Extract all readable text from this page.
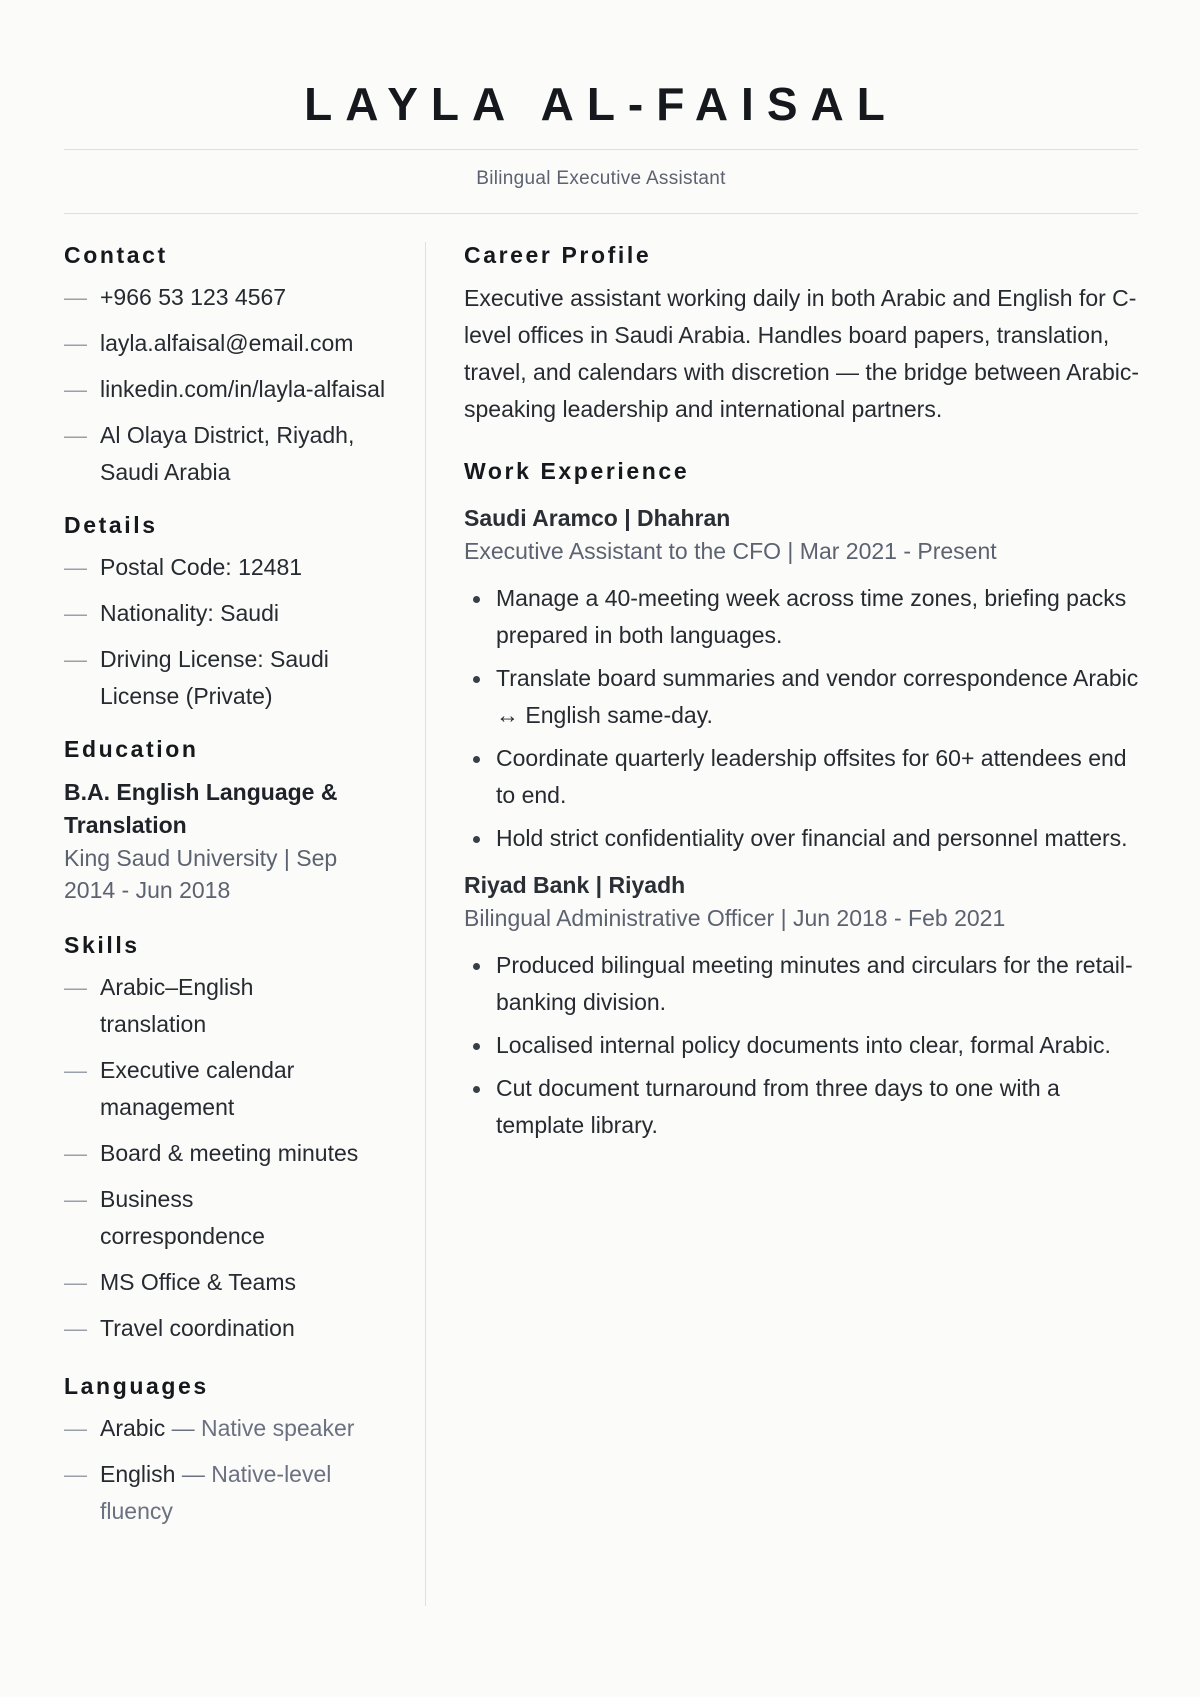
LAYLA AL-FAISAL
Bilingual Executive Assistant
Contact
— +966 53 123 4567
— layla.alfaisal@email.com
— linkedin.com/in/layla-alfaisal
— Al Olaya District, Riyadh, Saudi Arabia
Details
— Postal Code: 12481
— Nationality: Saudi
— Driving License: Saudi License (Private)
Education
B.A. English Language & Translation
King Saud University | Sep 2014 - Jun 2018
Skills
— Arabic–English translation
— Executive calendar management
— Board & meeting minutes
— Business correspondence
— MS Office & Teams
— Travel coordination
Languages
— Arabic — Native speaker
— English — Native-level fluency
Career Profile

Executive assistant working daily in both Arabic and English for C-level offices in Saudi Arabia. Handles board papers, translation, travel, and calendars with discretion — the bridge between Arabic-speaking leadership and international partners.

Work Experience
Saudi Aramco | Dhahran
Executive Assistant to the CFO | Mar 2021 - Present
Manage a 40-meeting week across time zones, briefing packs prepared in both languages.
Translate board summaries and vendor correspondence Arabic ↔ English same-day.
Coordinate quarterly leadership offsites for 60+ attendees end to end.
Hold strict confidentiality over financial and personnel matters.
Riyad Bank | Riyadh
Bilingual Administrative Officer | Jun 2018 - Feb 2021
Produced bilingual meeting minutes and circulars for the retail-banking division.
Localised internal policy documents into clear, formal Arabic.
Cut document turnaround from three days to one with a template library.
